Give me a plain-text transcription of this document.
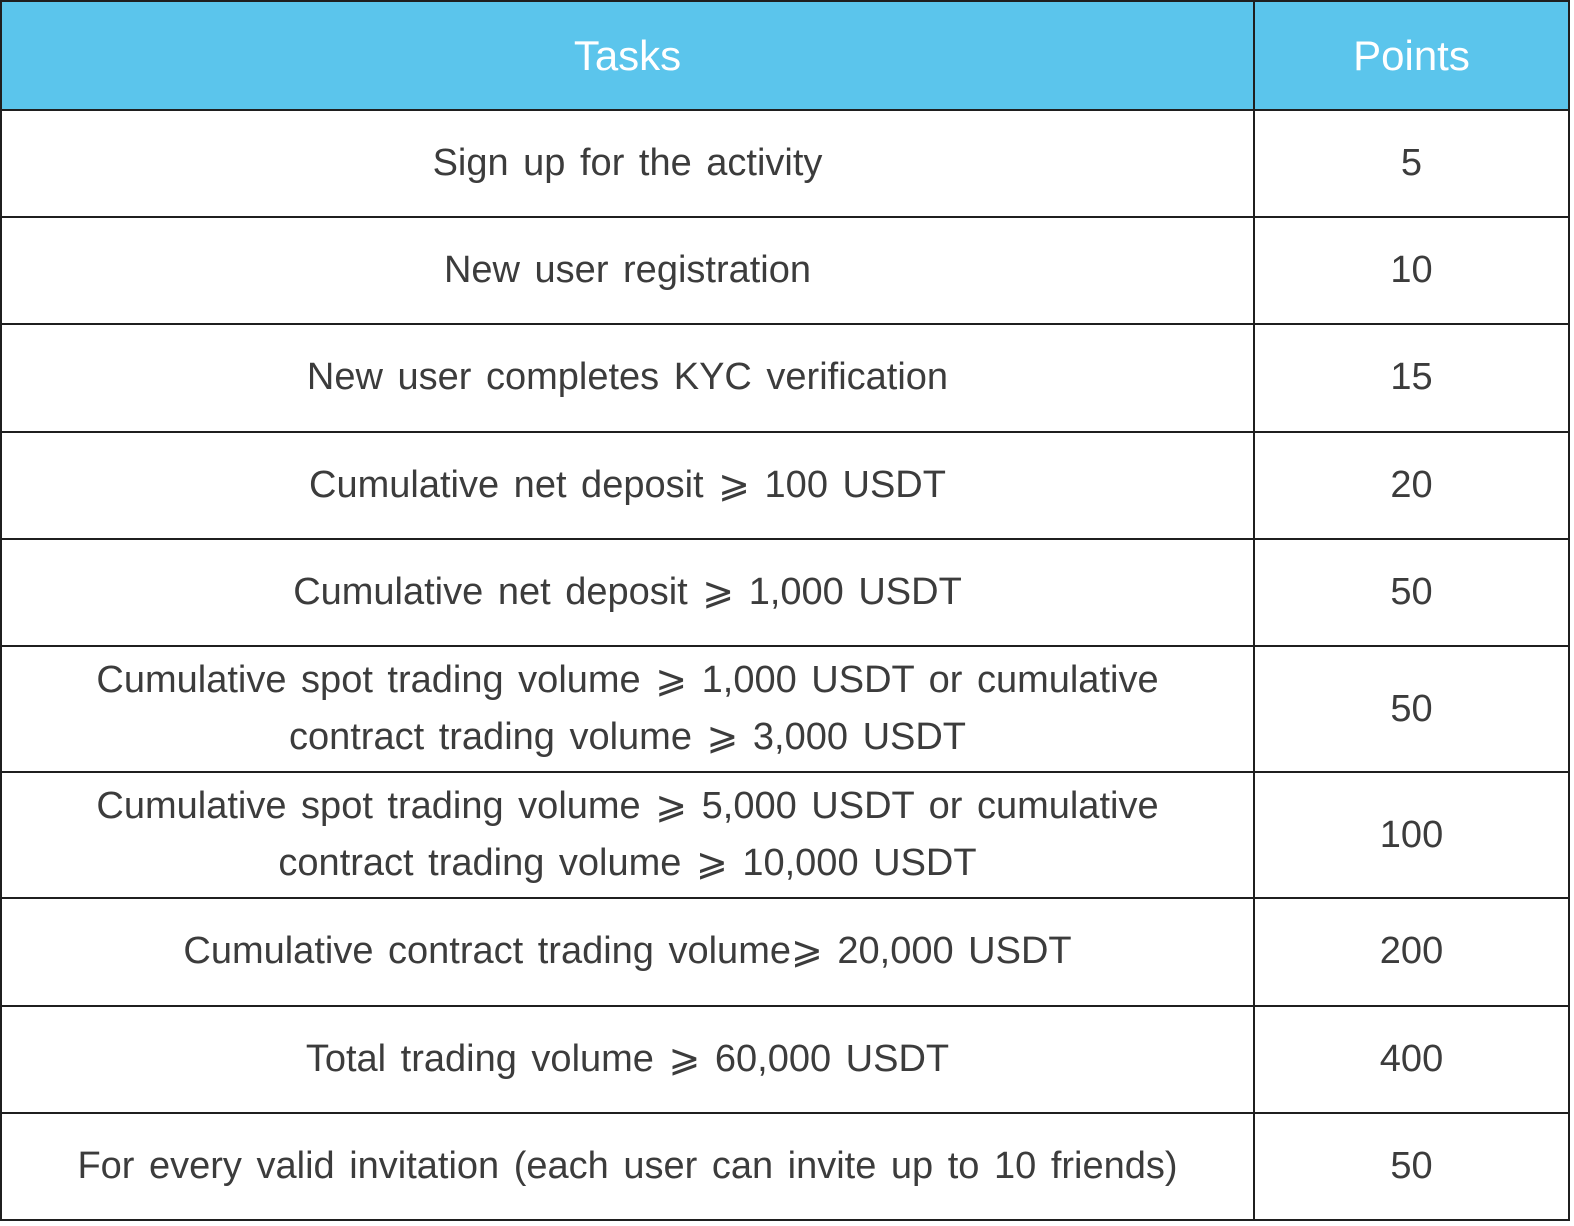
Tasks	Points
Sign up for the activity	5
New user registration	10
New user completes KYC verification	15
Cumulative net deposit ⩾ 100 USDT	20
Cumulative net deposit ⩾ 1,000 USDT	50

Cumulative spot trading volume ⩾ 1,000 USDT or cumulative
contract trading volume ⩾ 3,000 USDT	50

Cumulative spot trading volume ⩾ 5,000 USDT or cumulative
contract trading volume ⩾ 10,000 USDT	100
Cumulative contract trading volume⩾ 20,000 USDT	200
Total trading volume ⩾ 60,000 USDT	400
For every valid invitation (each user can invite up to 10 friends)	50
